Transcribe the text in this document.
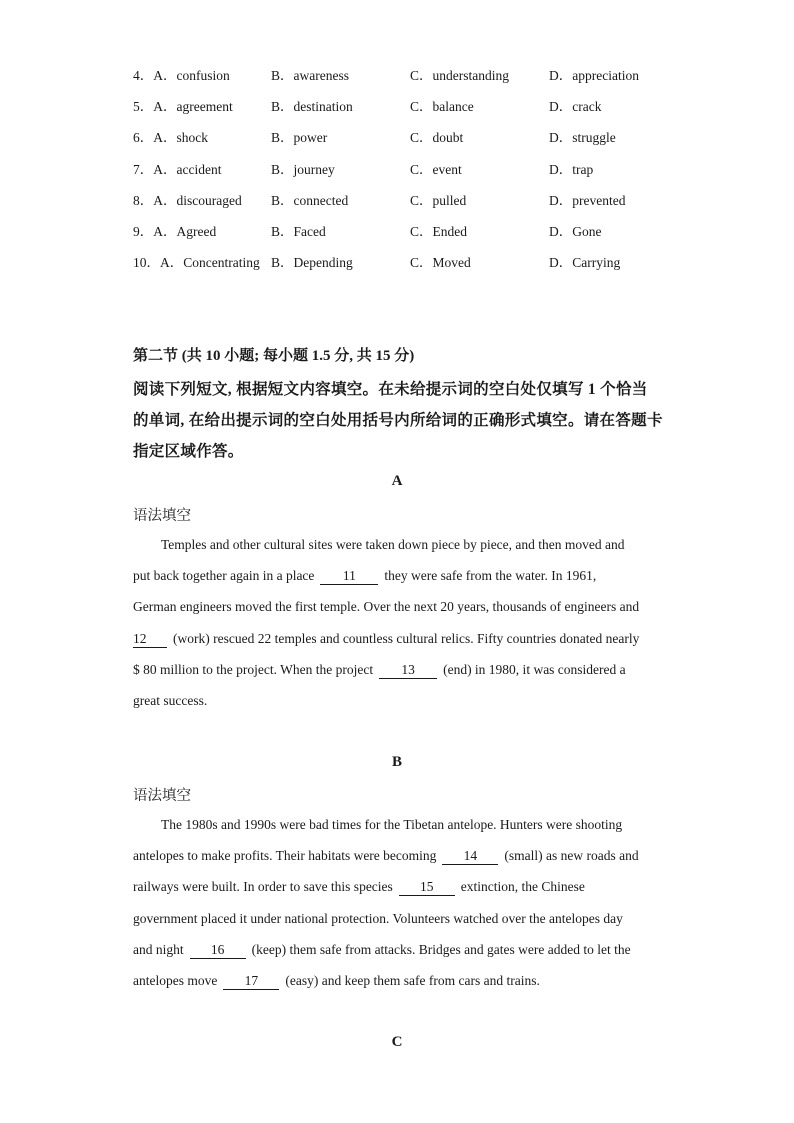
4．A．confusion	B．awareness	C．understanding	D．appreciation
5．A．agreement	B．destination	C．balance	D．crack
6．A．shock	B．power	C．doubt	D．struggle
7．A．accident	B．journey	C．event	D．trap
8．A．discouraged B．connected	C．pulled	D．prevented
9．A．Agreed	B．Faced	C．Ended	D．Gone
10．A．Concentrating B．Depending	C．Moved	D．Carrying
第二节 (共 10 小题; 每小题 1.5 分, 共 15 分)
阅读下列短文, 根据短文内容填空。在未给提示词的空白处仅填写 1 个恰当的单词, 在给出提示词的空白处用括号内所给词的正确形式填空。请在答题卡指定区域作答。
A
语法填空
Temples and other cultural sites were taken down piece by piece, and then moved and
put back together again in a place 11 they were safe from the water. In 1961,
German engineers moved the first temple. Over the next 20 years, thousands of engineers and
12 (work) rescued 22 temples and countless cultural relics. Fifty countries donated nearly
$ 80 million to the project. When the project 13 (end) in 1980, it was considered a
great success.
B
语法填空
The 1980s and 1990s were bad times for the Tibetan antelope. Hunters were shooting
antelopes to make profits. Their habitats were becoming 14 (small) as new roads and
railways were built. In order to save this species 15 extinction, the Chinese
government placed it under national protection. Volunteers watched over the antelopes day
and night 16 (keep) them safe from attacks. Bridges and gates were added to let the
antelopes move 17 (easy) and keep them safe from cars and trains.
C
